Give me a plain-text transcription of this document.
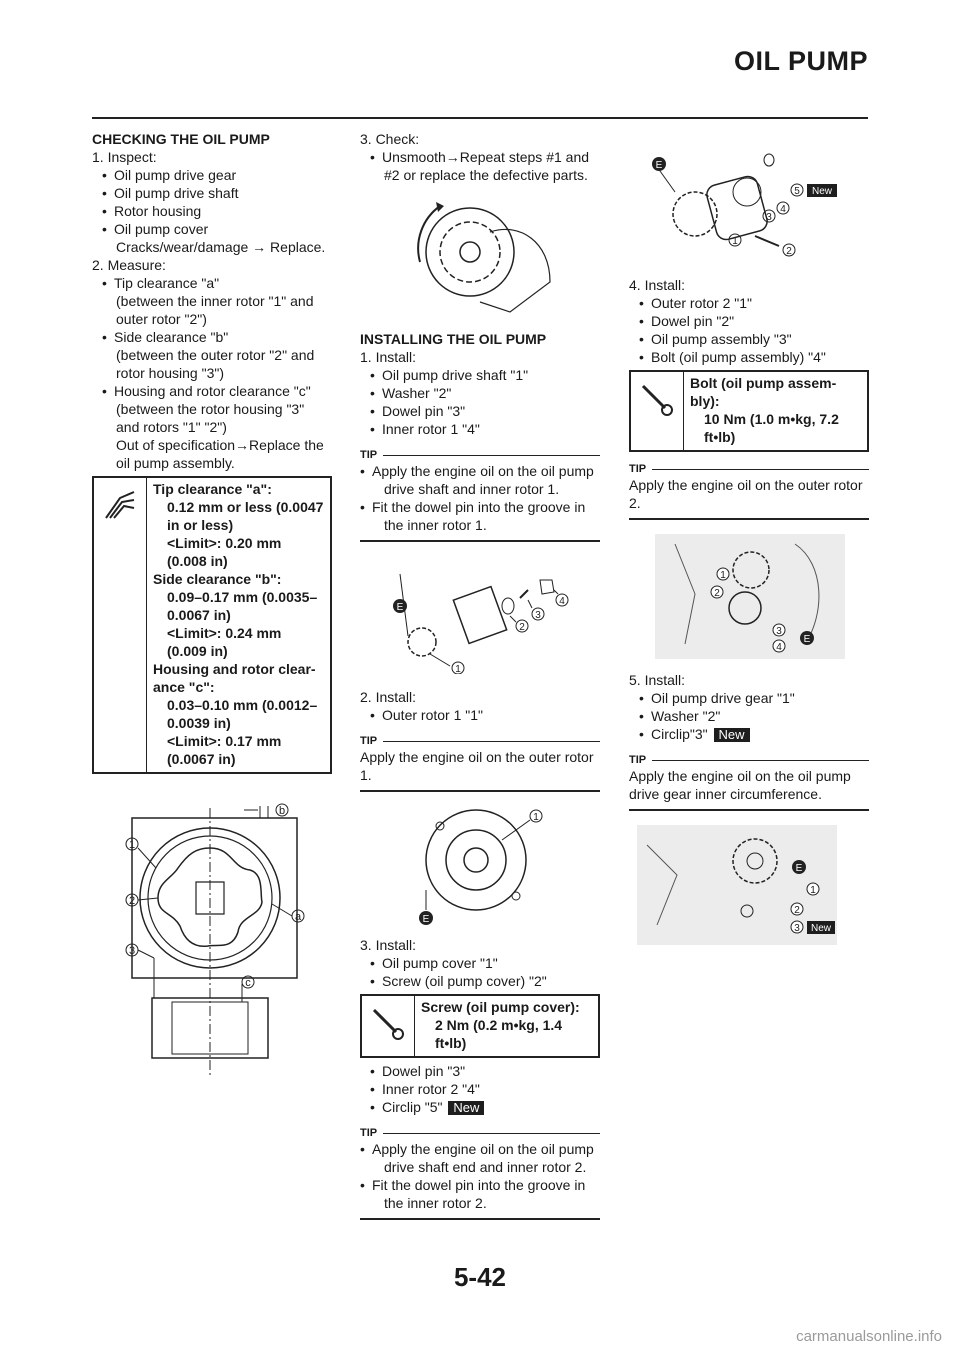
OIL PUMP
CHECKING THE OIL PUMP
1. Inspect:
• Oil pump drive gear
• Oil pump drive shaft
• Rotor housing
• Oil pump cover
Cracks/wear/damage → Replace.
2. Measure:
• Tip clearance "a"
(between the inner rotor "1" and
outer rotor "2")
• Side clearance "b"
(between the outer rotor "2" and
rotor housing "3")
• Housing and rotor clearance "c"
(between the rotor housing "3"
and rotors "1" "2")
Out of specification→Replace the
oil pump assembly.
Tip clearance "a":
0.12 mm or less (0.0047
in or less)
<Limit>: 0.20 mm
(0.008 in)
Side clearance "b":
0.09–0.17 mm (0.0035–
0.0067 in)
<Limit>: 0.24 mm
(0.009 in)
Housing and rotor clear-
ance "c":
0.03–0.10 mm (0.0012–
0.0039 in)
<Limit>: 0.17 mm
(0.0067 in)
1
2
3
a
b
c
3. Check:
• Unsmooth→Repeat steps #1 and
#2 or replace the defective parts.
INSTALLING THE OIL PUMP
1. Install:
• Oil pump drive shaft "1"
• Washer "2"
• Dowel pin "3"
• Inner rotor 1 "4"
TIP
• Apply the engine oil on the oil pump
drive shaft and inner rotor 1.
• Fit the dowel pin into the groove in
the inner rotor 1.
E
1
2
3
4
2. Install:
• Outer rotor 1 "1"
TIP
Apply the engine oil on the outer rotor
1.
1
E
3. Install:
• Oil pump cover "1"
• Screw (oil pump cover) "2"
Screw (oil pump cover):
2 Nm (0.2 m•kg, 1.4
ft•lb)
• Dowel pin "3"
• Inner rotor 2 "4"
• Circlip "5" New
TIP
• Apply the engine oil on the oil pump
drive shaft end and inner rotor 2.
• Fit the dowel pin into the groove in
the inner rotor 2.
E
1
2
3
4
5 New
4. Install:
• Outer rotor 2 "1"
• Dowel pin "2"
• Oil pump assembly "3"
• Bolt (oil pump assembly) "4"
Bolt (oil pump assem-
bly):
10 Nm (1.0 m•kg, 7.2
ft•lb)
TIP
Apply the engine oil on the outer rotor
2.
1
2
3
4
E
5. Install:
• Oil pump drive gear "1"
• Washer "2"
• Circlip"3" New
TIP
Apply the engine oil on the oil pump
drive gear inner circumference.
E
1
2
3 New
5-42
carmanualsonline.info
